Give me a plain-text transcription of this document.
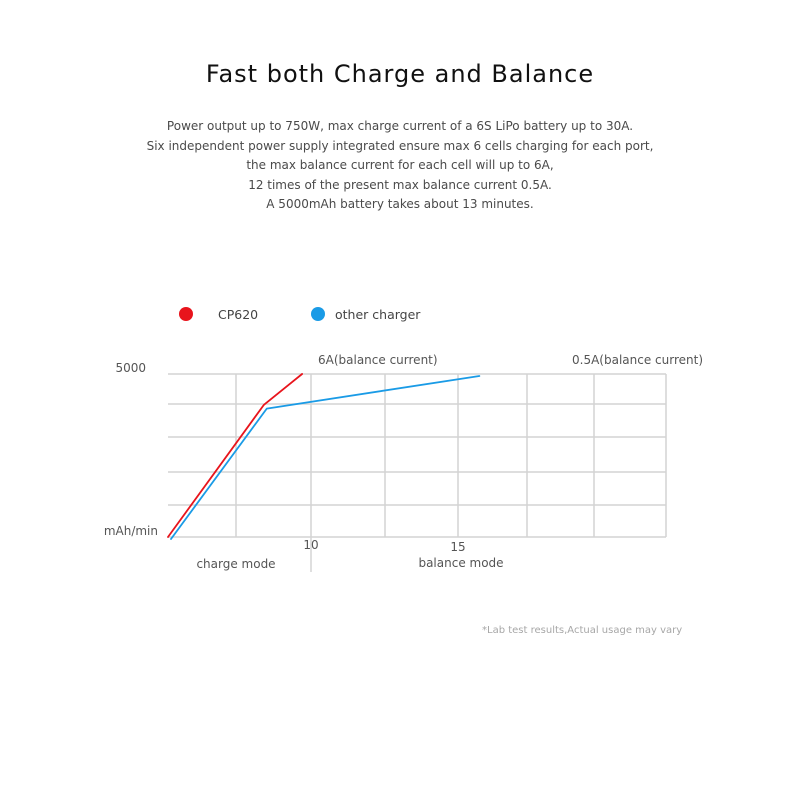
Fast both Charge and Balance
Power output up to 750W, max charge current of a 6S LiPo battery up to 30A.
Six independent power supply integrated ensure max 6 cells charging for each port,
the max balance current for each cell will up to 6A,
12 times of the present max balance current 0.5A.
A 5000mAh battery takes about 13 minutes.
CP620	other charger
5000
mAh/min
10	15
charge mode	balance mode
6A(balance current)	0.5A(balance current)
*Lab test results,Actual usage may vary
